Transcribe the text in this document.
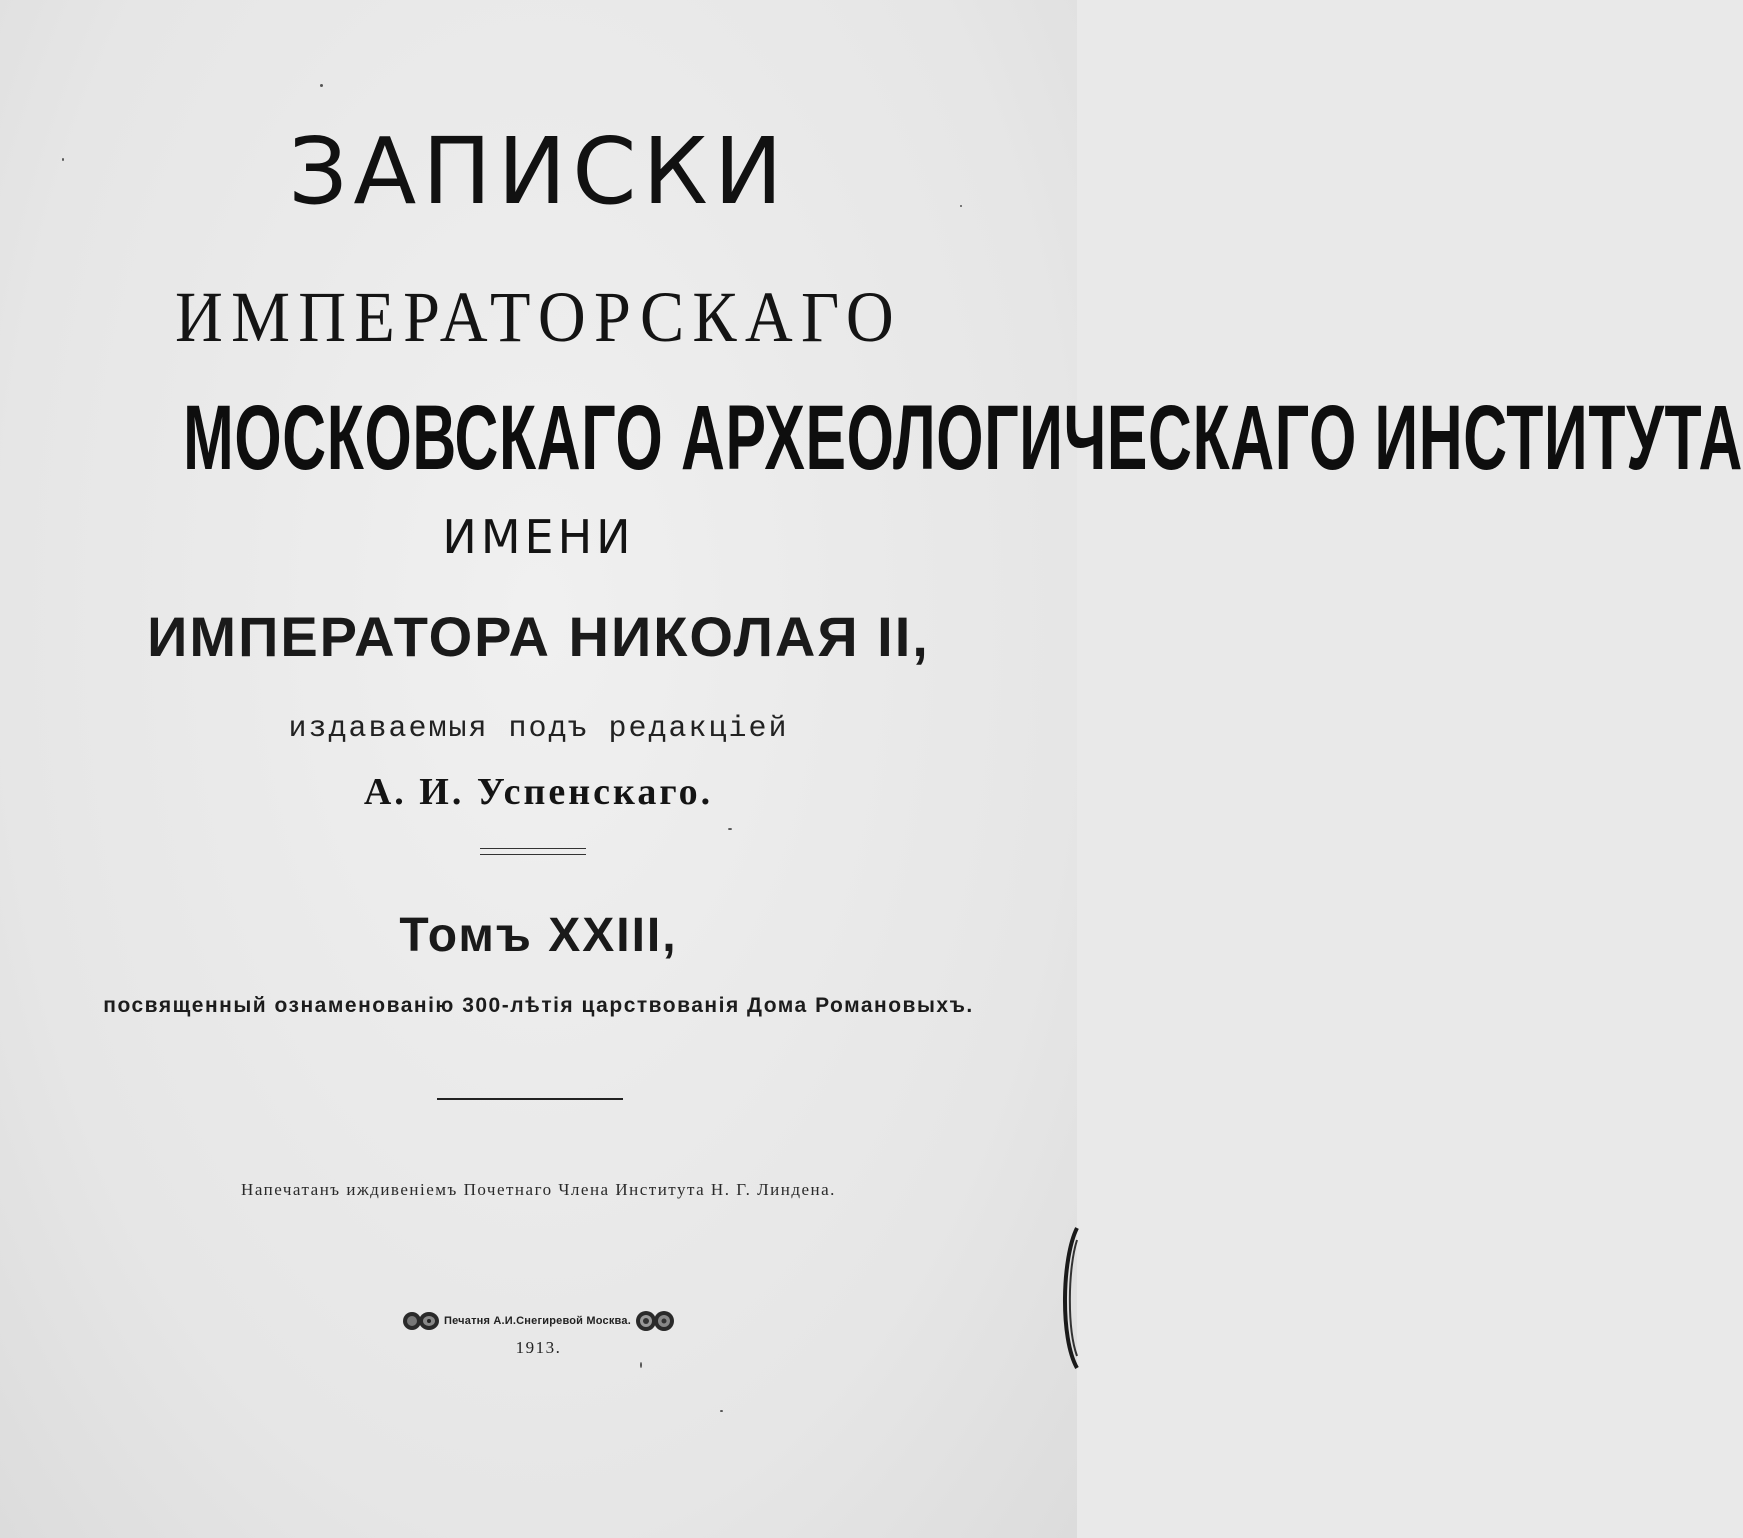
ЗАПИСКИ
ИМПЕРАТОРСКАГО
МОСКОВСКАГО АРХЕОЛОГИЧЕСКАГО ИНСТИТУТА
ИМЕНИ
ИМПЕРАТОРА НИКОЛАЯ II,
издаваемыя подъ редакціей
А. И. Успенскаго.
Томъ XXIII,
посвященный ознаменованію 300-лѣтія царствованія Дома Романовыхъ.
Напечатанъ иждивеніемъ Почетнаго Члена Института Н. Г. Линдена.
Печатня А.И.Снегиревой Москва.
1913.
